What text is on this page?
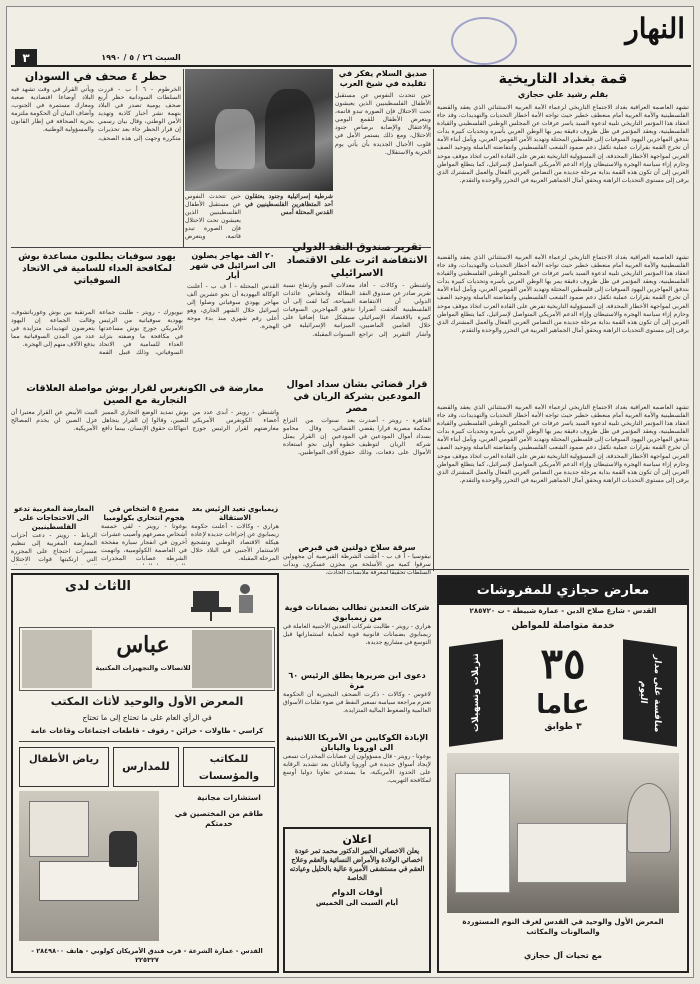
النهار
السبت ٢٦ / ٥ / ١٩٩٠
٣
قمة بغداد التاريخية
بقلم رشيد علي حجازي
تشهد العاصمة العراقية بغداد الاجتماع التاريخي لزعماء الأمة العربية الاستثنائي الذي يعقد والقضية الفلسطينية والأمة العربية أمام منعطف خطير حيث تواجه الأمة أخطار التحديات والتهديدات، وقد جاء انعقاد هذا المؤتمر التاريخي تلبية لدعوة السيد ياسر عرفات عن المجلس الوطني الفلسطيني والقيادة الفلسطينية، ويعقد المؤتمر في ظل ظروف دقيقة يمر بها الوطن العربي بأسره وتحديات كبيرة بدأت بتدفق المهاجرين اليهود السوفيات إلى فلسطين المحتلة وتهديد الأمن القومي العربي، ويأمل أبناء الأمة أن تخرج القمة بقرارات عملية تكفل دعم صمود الشعب الفلسطيني وانتفاضته الباسلة وتوحيد الصف العربي لمواجهة الأخطار المحدقة. إن المسؤولية التاريخية تفرض على القادة العرب اتخاذ موقف موحد وحازم إزاء سياسة الهجرة والاستيطان وإزاء الدعم الأمريكي المتواصل لإسرائيل، كما يتطلع المواطن العربي إلى أن تكون هذه القمة بداية مرحلة جديدة من التضامن العربي الفعال والعمل المشترك الذي يرقى إلى مستوى التحديات الراهنة ويحقق آمال الجماهير العربية في التحرر والوحدة والتقدم.
تشهد العاصمة العراقية بغداد الاجتماع التاريخي لزعماء الأمة العربية الاستثنائي الذي يعقد والقضية الفلسطينية والأمة العربية أمام منعطف خطير حيث تواجه الأمة أخطار التحديات والتهديدات، وقد جاء انعقاد هذا المؤتمر التاريخي تلبية لدعوة السيد ياسر عرفات عن المجلس الوطني الفلسطيني والقيادة الفلسطينية، ويعقد المؤتمر في ظل ظروف دقيقة يمر بها الوطن العربي بأسره وتحديات كبيرة بدأت بتدفق المهاجرين اليهود السوفيات إلى فلسطين المحتلة وتهديد الأمن القومي العربي، ويأمل أبناء الأمة أن تخرج القمة بقرارات عملية تكفل دعم صمود الشعب الفلسطيني وانتفاضته الباسلة وتوحيد الصف العربي لمواجهة الأخطار المحدقة. إن المسؤولية التاريخية تفرض على القادة العرب اتخاذ موقف موحد وحازم إزاء سياسة الهجرة والاستيطان وإزاء الدعم الأمريكي المتواصل لإسرائيل، كما يتطلع المواطن العربي إلى أن تكون هذه القمة بداية مرحلة جديدة من التضامن العربي الفعال والعمل المشترك الذي يرقى إلى مستوى التحديات الراهنة ويحقق آمال الجماهير العربية في التحرر والوحدة والتقدم.
تشهد العاصمة العراقية بغداد الاجتماع التاريخي لزعماء الأمة العربية الاستثنائي الذي يعقد والقضية الفلسطينية والأمة العربية أمام منعطف خطير حيث تواجه الأمة أخطار التحديات والتهديدات، وقد جاء انعقاد هذا المؤتمر التاريخي تلبية لدعوة السيد ياسر عرفات عن المجلس الوطني الفلسطيني والقيادة الفلسطينية، ويعقد المؤتمر في ظل ظروف دقيقة يمر بها الوطن العربي بأسره وتحديات كبيرة بدأت بتدفق المهاجرين اليهود السوفيات إلى فلسطين المحتلة وتهديد الأمن القومي العربي، ويأمل أبناء الأمة أن تخرج القمة بقرارات عملية تكفل دعم صمود الشعب الفلسطيني وانتفاضته الباسلة وتوحيد الصف العربي لمواجهة الأخطار المحدقة. إن المسؤولية التاريخية تفرض على القادة العرب اتخاذ موقف موحد وحازم إزاء سياسة الهجرة والاستيطان وإزاء الدعم الأمريكي المتواصل لإسرائيل، كما يتطلع المواطن العربي إلى أن تكون هذه القمة بداية مرحلة جديدة من التضامن العربي الفعال والعمل المشترك الذي يرقى إلى مستوى التحديات الراهنة ويحقق آمال الجماهير العربية في التحرر والوحدة والتقدم.
صديق السلام يفكر في تقليده في شيخ العرب
حين تتحدث النفوس عن مستقبل الأطفال الفلسطينيين الذين يعيشون تحت الاحتلال فإن الصورة تبدو قاتمة، ويتعرض الأطفال للقمع اليومي والاعتقال والإصابة برصاص جنود الاحتلال، ومع ذلك يستمر الأمل في قلوب الأجيال الجديدة بأن يأتي يوم الحرية والاستقلال.
شرطية إسرائيلية وجنود يعتقلون أحد المتظاهرين الفلسطينيين في القدس المحتلة أمس
حين تتحدث النفوس عن مستقبل الأطفال الفلسطينيين الذين يعيشون تحت الاحتلال فإن الصورة تبدو قاتمة، ويتعرض
حظر ٤ صحف في السودان
الخرطوم - ٦ أ ب - قررت السلطات السودانية حظر أربع صحف يومية تصدر في البلاد بتهمة نشر أخبار كاذبة وتهديد الأمن الوطني، وقال بيان رسمي إن قرار الحظر جاء بعد تحذيرات متكررة وجهت إلى هذه الصحف، ويأتي القرار في وقت تشهد فيه البلاد أوضاعا اقتصادية صعبة ومعارك مستمرة في الجنوب، وأضاف البيان أن الحكومة ملتزمة بحرية الصحافة في إطار القانون والمسؤولية الوطنية.
تقرير صندوق النقد الدولي الانتفاضة اثرت على الاقتصاد الاسرائيلي
واشنطن - وكالات - أفاد تقرير صادر عن صندوق النقد الدولي أن الانتفاضة الفلسطينية ألحقت أضرارا كبيرة بالاقتصاد الإسرائيلي خلال العامين الماضيين، وأشار التقرير إلى تراجع معدلات النمو وارتفاع نسبة البطالة وانخفاض عائدات السياحة، كما لفت إلى أن تدفق المهاجرين السوفيات سيشكل عبئا إضافيا على الميزانية الإسرائيلية في السنوات المقبلة.
٢٠ ألف مهاجر يصلون الى اسرائيل في شهر أيار
القدس المحتلة - أ ف ب - أعلنت الوكالة اليهودية أن نحو عشرين ألف مهاجر يهودي سوفياتي وصلوا إلى إسرائيل خلال الشهر الجاري، وهو أعلى رقم شهري منذ بدء موجة الهجرة.
يهود سوفيات يطلبون مساعدة بوش لمكافحة العداء للسامية في الاتحاد السوفياتي
نيويورك - رويتر - طلبت جماعة يهودية سوفياتية من الرئيس الأمريكي جورج بوش مساعدتها في مكافحة ما وصفته بتزايد العداء للسامية في الاتحاد السوفياتي، وذلك قبيل القمة المرتقبة بين بوش وغورباتشوف، وقالت الجماعة إن اليهود يتعرضون لتهديدات متزايدة في عدد من المدن السوفياتية مما يدفع الآلاف منهم إلى الهجرة.
معارضة في الكونغرس لقرار بوش مواصلة العلاقات التجارية مع الصين
واشنطن - رويتر - أبدى عدد من أعضاء الكونغرس الأمريكي معارضتهم لقرار الرئيس جورج بوش تمديد الوضع التجاري المميز للصين، وقالوا إن القرار يتجاهل انتهاكات حقوق الإنسان، بينما دافع البيت الأبيض عن القرار معتبرا أن عزل الصين لن يخدم المصالح الأمريكية.
قرار قضائي بشأن سداد اموال المودعين بشركة الريان في مصر
القاهرة - رويتر - أصدرت محكمة مصرية قرارا يقضي بسداد أموال المودعين في شركة الريان لتوظيف الأموال على دفعات، وذلك بعد سنوات من النزاع القضائي، وقال محامو المودعين إن القرار يمثل خطوة أولى نحو استعادة حقوق آلاف المواطنين.
المعارضة المغربية تدعو الى الاحتجاجات على الفلسطينيين
الرباط - رويتر - دعت أحزاب المعارضة المغربية إلى تنظيم مسيرات احتجاج على المجزرة التي ارتكبتها قوات الاحتلال
مصرع ٥ أشخاص في هجوم انتحاري بكولومبيا
بوغوتا - رويتر - لقي خمسة أشخاص مصرعهم وأصيب عشرات آخرون في انفجار سيارة مفخخة في العاصمة الكولومبية، واتهمت الشرطة عصابات المخدرات
زيمبابوي تعيد الرئيس بعد الاستقالة
هراري - وكالات - أعلنت حكومة زيمبابوي عن إجراءات جديدة لإعادة هيكلة الاقتصاد الوطني وتشجيع الاستثمار الأجنبي في البلاد خلال المرحلة المقبلة.
سرقة سلاح دولتين في قبرص
نيقوسيا - أ ف ب - أعلنت الشرطة القبرصية أن مجهولين سرقوا كمية من الأسلحة من مخزن عسكري، وبدأت السلطات تحقيقا لمعرفة ملابسات الحادث.
شركات التعدين تطالب بضمانات قوية من زيمبابوي
هراري - رويتر - طالبت شركات التعدين الأجنبية العاملة في زيمبابوي بضمانات قانونية قوية لحماية استثماراتها قبل التوسع في مشاريع جديدة.
دعوى ابن ضريرها يطلق الرئيس ٦٠ مرة
لاغوس - وكالات - ذكرت الصحف النيجيرية أن الحكومة تعتزم مراجعة سياسة تسعير النفط في ضوء تقلبات الأسواق العالمية والضغوط المالية المتزايدة.
الإبادة الكوكايين من الأمريكا اللاتينية الى اوروبا واليابان
بوغوتا - رويتر - قال مسؤولون إن عصابات المخدرات تسعى لإيجاد أسواق جديدة في أوروبا واليابان بعد تشديد الرقابة على الحدود الأمريكية، ما يستدعي تعاونا دوليا أوسع لمكافحة التهريب.
اعلان
يعلن الاخصائي الخبير الدكتور محمد تمر عودة اخصائي الولادة والأمراض النسائية والعقم وعلاج العقم في مستشفى الأميرة عالية بالخليل وعيادته الخاصة
أوقات الدوام
أيام السبت الى الخميس
معارض حجازي للمفروشات
القدس - شارع صلاح الدين - عمارة شبيطة - ت ٢٨٥٧٢٠
خدمة متواصلة للمواطن
٣٥
عاما
٣ طوابق
تنزيلات وتسهيلات	منافسة على مدار اليوم
المعرض الأول والوحيد في القدس لغرف النوم المستوردة والصالونات والمكاتب
مع تحيات آل حجازي
الأثاث لدى
عباس
للاتصالات والتجهيزات المكتبية
المعرض الأول والوحيد لأثاث المكتب
في الرأي العام على ما تحتاج إلى ما تحتاج
كراسي - طاولات - خزائن - رفوف - قاطعات اجتماعات وقاعات عامة
للمكاتب والمؤسسات
للمدارس
رياض الأطفال
استشارات مجانية
طاقم من المختصين في خدمتكم
القدس - عمارة الشرعة - قرب فندق الأمريكان كولوني - هاتف ٢٨٤٩٨٠٠ - ٢٢٥٣٢٧
